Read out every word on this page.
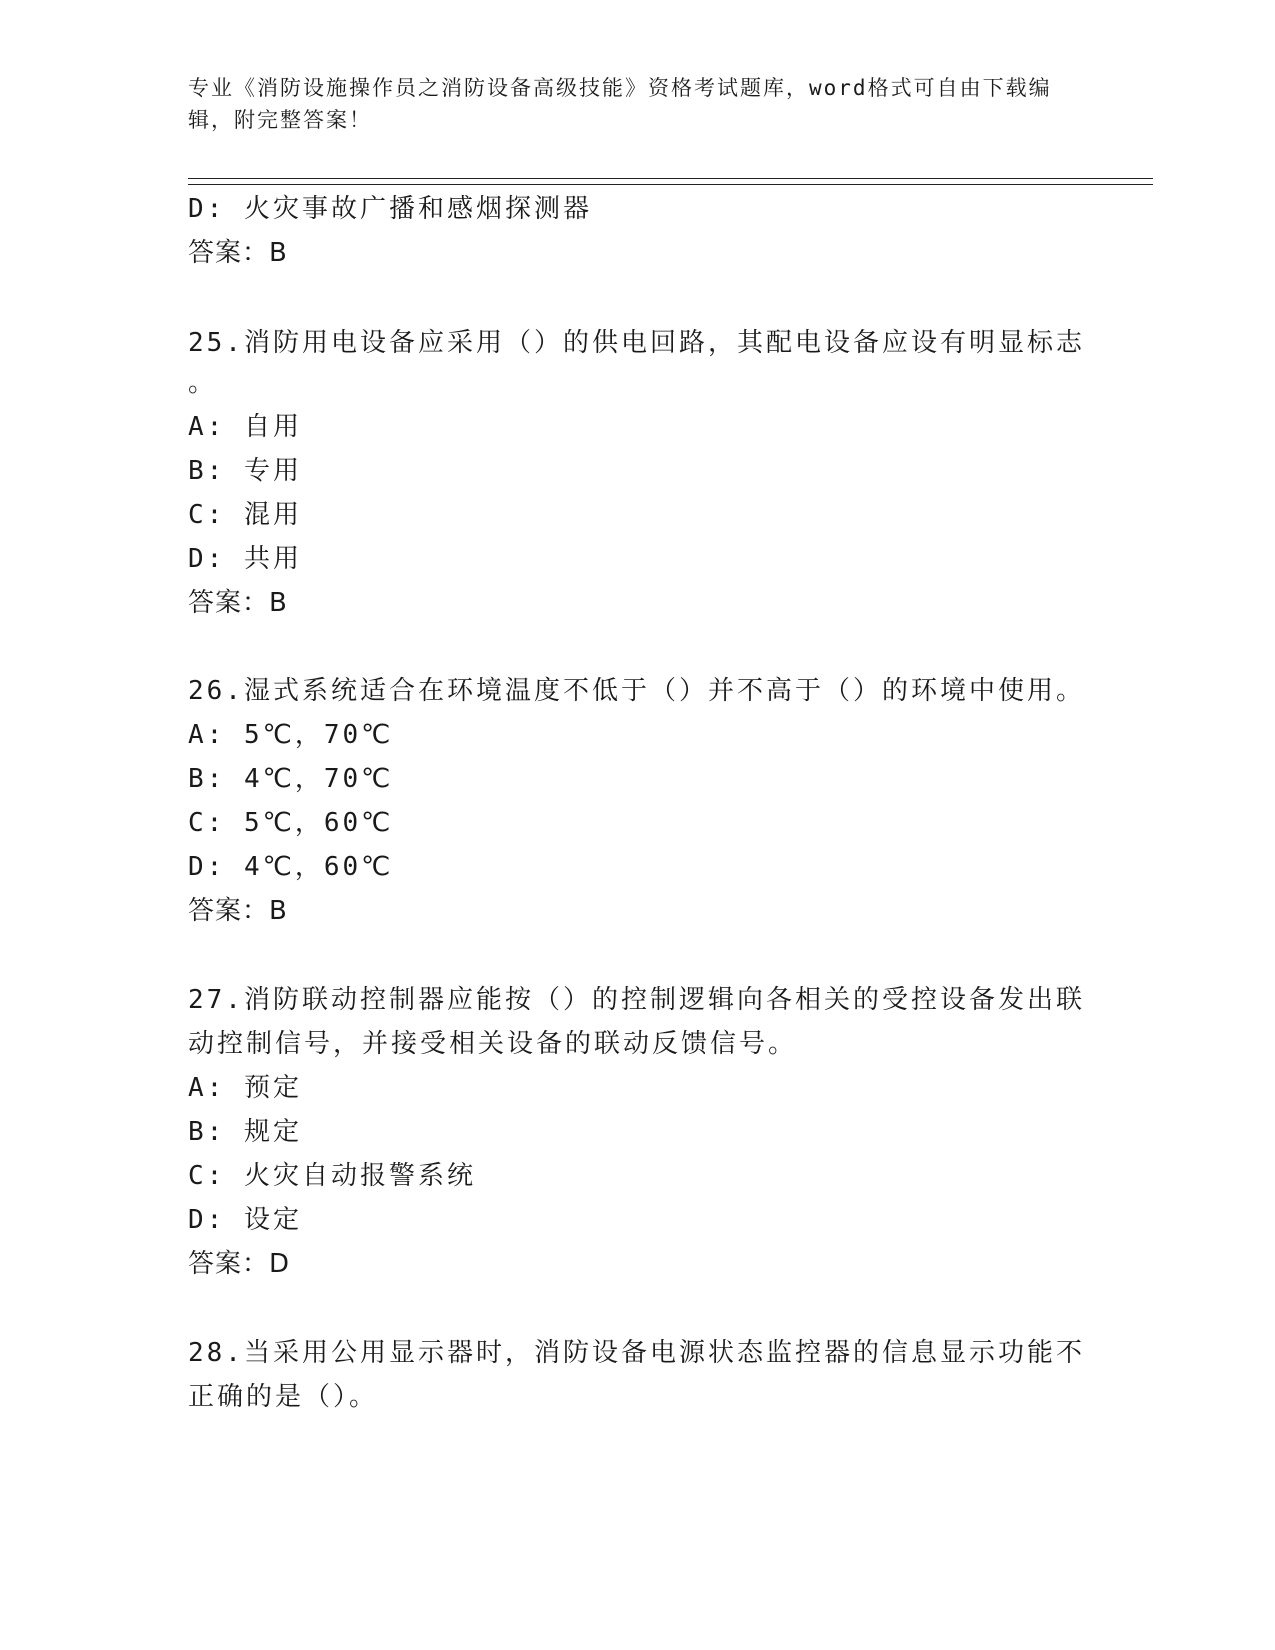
专业《消防设施操作员之消防设备高级技能》资格考试题库，word格式可自由下载编辑，附完整答案！
D: 火灾事故广播和感烟探测器
答案：B
25.消防用电设备应采用（）的供电回路，其配电设备应设有明显标志
。
A: 自用
B: 专用
C: 混用
D: 共用
答案：B
26.湿式系统适合在环境温度不低于（）并不高于（）的环境中使用。
A: 5℃，70℃
B: 4℃，70℃
C: 5℃，60℃
D: 4℃，60℃
答案：B
27.消防联动控制器应能按（）的控制逻辑向各相关的受控设备发出联
动控制信号，并接受相关设备的联动反馈信号。
A: 预定
B: 规定
C: 火灾自动报警系统
D: 设定
答案：D
28.当采用公用显示器时，消防设备电源状态监控器的信息显示功能不
正确的是（）。
